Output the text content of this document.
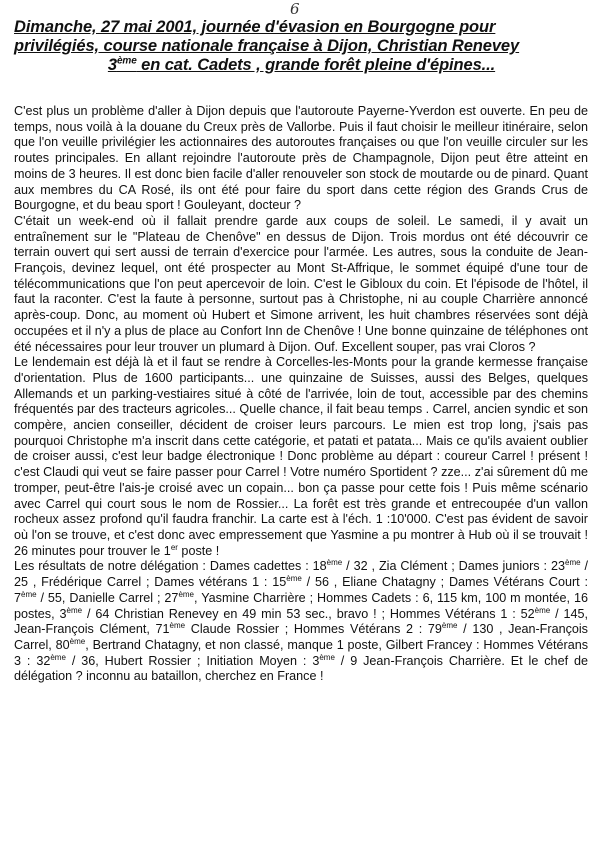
6
Dimanche, 27 mai 2001, journée d'évasion en Bourgogne pour
privilégiés, course nationale française à Dijon, Christian Renevey
3ème en cat. Cadets , grande forêt pleine d'épines...

C'est plus un problème d'aller à Dijon depuis que l'autoroute Payerne-Yverdon est ouverte. En peu de temps, nous voilà à la douane du Creux près de Vallorbe. Puis il faut choisir le meilleur itinéraire, selon que l'on veuille privilégier les actionnaires des autoroutes françaises ou que l'on veuille circuler sur les routes principales. En allant rejoindre l'autoroute près de Champagnole, Dijon peut être atteint en moins de 3 heures. Il est donc bien facile d'aller renouveler son stock de moutarde ou de pinard. Quant aux membres du CA Rosé, ils ont été pour faire du sport dans cette région des Grands Crus de Bourgogne, et du beau sport ! Gouleyant, docteur ?

C'était un week-end où il fallait prendre garde aux coups de soleil. Le samedi, il y avait un entraînement sur le "Plateau de Chenôve" en dessus de Dijon. Trois mordus ont été découvrir ce terrain ouvert qui sert aussi de terrain d'exercice pour l'armée. Les autres, sous la conduite de Jean-François, devinez lequel, ont été prospecter au Mont St-Affrique, le sommet équipé d'une tour de télécommunications que l'on peut apercevoir de loin. C'est le Gibloux du coin. Et l'épisode de l'hôtel, il faut la raconter. C'est la faute à personne, surtout pas à Christophe, ni au couple Charrière annoncé après-coup. Donc, au moment où Hubert et Simone arrivent, les huit chambres réservées sont déjà occupées et il n'y a plus de place au Confort Inn de Chenôve ! Une bonne quinzaine de téléphones ont été nécessaires pour leur trouver un plumard à Dijon. Ouf. Excellent souper, pas vrai Cloros ?

Le lendemain est déjà là et il faut se rendre à Corcelles-les-Monts pour la grande kermesse française d'orientation. Plus de 1600 participants... une quinzaine de Suisses, aussi des Belges, quelques Allemands et un parking-vestiaires situé à côté de l'arrivée, loin de tout, accessible par des chemins fréquentés par des tracteurs agricoles... Quelle chance, il fait beau temps . Carrel, ancien syndic et son compère, ancien conseiller, décident de croiser leurs parcours. Le mien est trop long, j'sais pas pourquoi Christophe m'a inscrit dans cette catégorie, et patati et patata... Mais ce qu'ils avaient oublier de croiser aussi, c'est leur badge électronique ! Donc problème au départ : coureur Carrel ! présent ! c'est Claudi qui veut se faire passer pour Carrel ! Votre numéro Sportident ? zze... z'ai sûrement dû me tromper, peut-être l'ais-je croisé avec un copain... bon ça passe pour cette fois ! Puis même scénario avec Carrel qui court sous le nom de Rossier... La forêt est très grande et entrecoupée d'un vallon rocheux assez profond qu'il faudra franchir. La carte est à l'éch. 1 :10'000. C'est pas évident de savoir où l'on se trouve, et c'est donc avec empressement que Yasmine a pu montrer à Hub où il se trouvait ! 26 minutes pour trouver le 1er poste !

Les résultats de notre délégation : Dames cadettes : 18ème / 32 , Zia Clément ; Dames juniors : 23ème / 25 , Frédérique Carrel ; Dames vétérans 1 : 15ème / 56 , Eliane Chatagny ; Dames Vétérans Court : 7ème / 55, Danielle Carrel ; 27ème, Yasmine Charrière ; Hommes Cadets : 6, 115 km, 100 m montée, 16 postes, 3ème / 64 Christian Renevey en 49 min 53 sec., bravo ! ; Hommes Vétérans 1 : 52ème / 145, Jean-François Clément, 71ème Claude Rossier ; Hommes Vétérans 2 : 79ème / 130 , Jean-François Carrel, 80ème, Bertrand Chatagny, et non classé, manque 1 poste, Gilbert Francey : Hommes Vétérans 3 : 32ème / 36, Hubert Rossier ; Initiation Moyen : 3ème / 9 Jean-François Charrière. Et le chef de délégation ? inconnu au bataillon, cherchez en France !
